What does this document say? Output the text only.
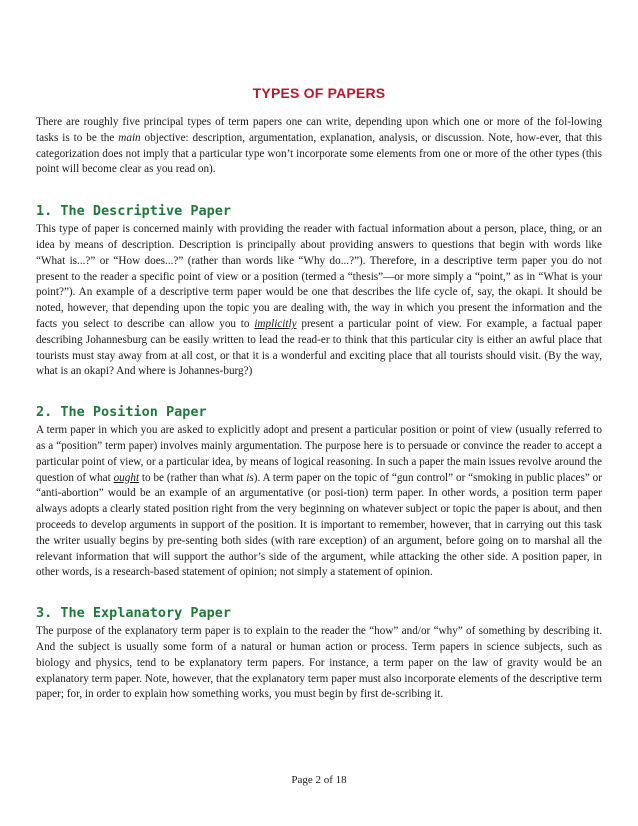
TYPES OF PAPERS

There are roughly five principal types of term papers one can write, depending upon which one or more of the fol-lowing tasks is to be the main objective: description, argumentation, explanation, analysis, or discussion. Note, how-ever, that this categorization does not imply that a particular type won’t incorporate some elements from one or more of the other types (this point will become clear as you read on).

1. The Descriptive Paper

This type of paper is concerned mainly with providing the reader with factual information about a person, place, thing, or an idea by means of description. Description is principally about providing answers to questions that begin with words like “What is...?” or “How does...?” (rather than words like “Why do...?”). Therefore, in a descriptive term paper you do not present to the reader a specific point of view or a position (termed a “thesis”—or more simply a “point,” as in “What is your point?”). An example of a descriptive term paper would be one that describes the life cycle of, say, the okapi. It should be noted, however, that depending upon the topic you are dealing with, the way in which you present the information and the facts you select to describe can allow you to implicitly present a particular point of view. For example, a factual paper describing Johannesburg can be easily written to lead the read-er to think that this particular city is either an awful place that tourists must stay away from at all cost, or that it is a wonderful and exciting place that all tourists should visit. (By the way, what is an okapi? And where is Johannes-burg?)

2. The Position Paper

A term paper in which you are asked to explicitly adopt and present a particular position or point of view (usually referred to as a “position” term paper) involves mainly argumentation. The purpose here is to persuade or convince the reader to accept a particular point of view, or a particular idea, by means of logical reasoning. In such a paper the main issues revolve around the question of what ought to be (rather than what is). A term paper on the topic of “gun control” or “smoking in public places” or “anti-abortion” would be an example of an argumentative (or posi-tion) term paper. In other words, a position term paper always adopts a clearly stated position right from the very beginning on whatever subject or topic the paper is about, and then proceeds to develop arguments in support of the position. It is important to remember, however, that in carrying out this task the writer usually begins by pre-senting both sides (with rare exception) of an argument, before going on to marshal all the relevant information that will support the author’s side of the argument, while attacking the other side. A position paper, in other words, is a research-based statement of opinion; not simply a statement of opinion.

3. The Explanatory Paper

The purpose of the explanatory term paper is to explain to the reader the “how” and/or “why” of something by describing it. And the subject is usually some form of a natural or human action or process. Term papers in science subjects, such as biology and physics, tend to be explanatory term papers. For instance, a term paper on the law of gravity would be an explanatory term paper. Note, however, that the explanatory term paper must also incorporate elements of the descriptive term paper; for, in order to explain how something works, you must begin by first de-scribing it.

Page 2 of 18
